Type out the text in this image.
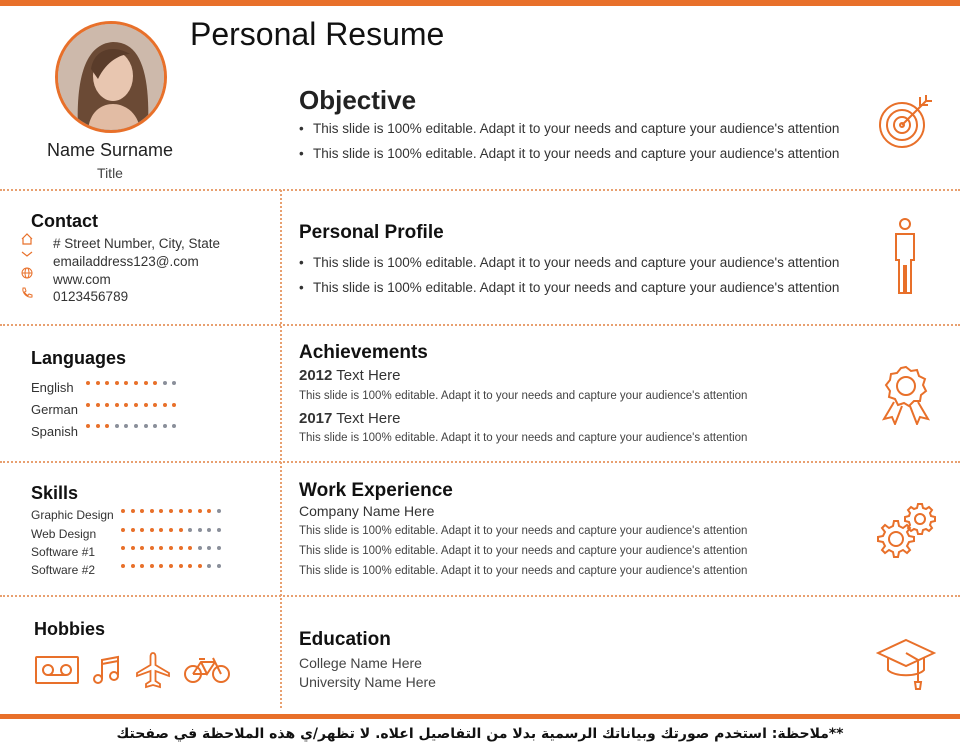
Personal Resume
Name Surname
Title
Objective
• This slide is 100% editable. Adapt it to your needs and capture your audience's attention
• This slide is 100% editable. Adapt it to your needs and capture your audience's attention
Contact
# Street Number, City, State
emailaddress123@.com
www.com
0123456789
Personal Profile
• This slide is 100% editable. Adapt it to your needs and capture your audience's attention
• This slide is 100% editable. Adapt it to your needs and capture your audience's attention
Languages
English
German
Spanish
Achievements
2012 Text Here
This slide is 100% editable. Adapt it to your needs and capture your audience's attention
2017 Text Here
This slide is 100% editable. Adapt it to your needs and capture your audience's attention
Skills
Graphic Design
Web Design
Software #1
Software #2
Work Experience
Company Name Here
This slide is 100% editable. Adapt it to your needs and capture your audience's attention
This slide is 100% editable. Adapt it to your needs and capture your audience's attention
This slide is 100% editable. Adapt it to your needs and capture your audience's attention
Hobbies	Education
College Name Here
University Name Here
**ملاحظة: استخدم صورتك وبياناتك الرسمية بدلا من التفاصيل اعلاه. لا تظهر/ي هذه الملاحظة في صفحتك
